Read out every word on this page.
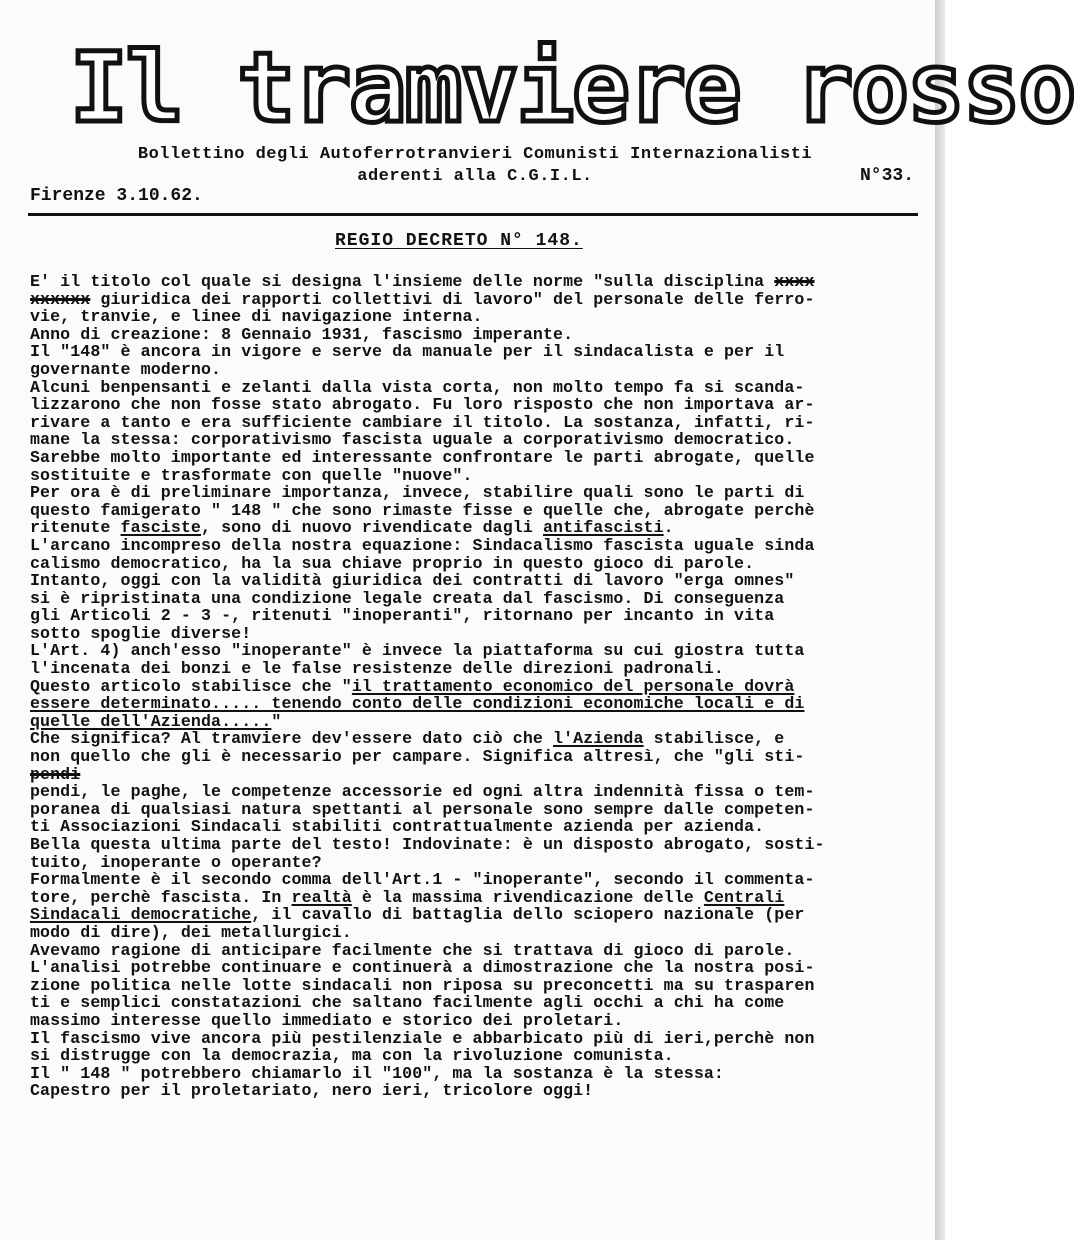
Il tramviere rosso
Bollettino degli Autoferrotranvieri Comunisti Internazionalisti
aderenti alla C.G.I.L.
Firenze 3.10.62.
N°33.
REGIO DECRETO N° 148.
E' il titolo col quale si designa l'insieme delle norme "sulla disciplina xxxx
xxxxxx giuridica dei rapporti collettivi di lavoro" del personale delle ferro-
vie, tranvie, e linee di navigazione interna.
Anno di creazione: 8 Gennaio 1931, fascismo imperante.
Il "148" è ancora in vigore e serve da manuale per il sindacalista e per il
governante moderno.
Alcuni benpensanti e zelanti dalla vista corta, non molto tempo fa si scanda-
lizzarono che non fosse stato abrogato. Fu loro risposto che non importava ar-
rivare a tanto e era sufficiente cambiare il titolo. La sostanza, infatti, ri-
mane la stessa: corporativismo fascista uguale a corporativismo democratico.
Sarebbe molto importante ed interessante confrontare le parti abrogate, quelle
sostituite e trasformate con quelle "nuove".
Per ora è di preliminare importanza, invece, stabilire quali sono le parti di
questo famigerato " 148 " che sono rimaste fisse e quelle che, abrogate perchè
ritenute fasciste, sono di nuovo rivendicate dagli antifascisti.
L'arcano incompreso della nostra equazione: Sindacalismo fascista uguale sinda
calismo democratico, ha la sua chiave proprio in questo gioco di parole.
Intanto, oggi con la validità giuridica dei contratti di lavoro "erga omnes"
si è ripristinata una condizione legale creata dal fascismo. Di conseguenza
gli Articoli 2 - 3 -, ritenuti "inoperanti", ritornano per incanto in vita
sotto spoglie diverse!
L'Art. 4) anch'esso "inoperante" è invece la piattaforma su cui giostra tutta
l'incenata dei bonzi e le false resistenze delle direzioni padronali.
Questo articolo stabilisce che "il trattamento economico del personale dovrà
essere determinato..... tenendo conto delle condizioni economiche locali e di
quelle dell'Azienda....."
Che significa? Al tramviere dev'essere dato ciò che l'Azienda stabilisce, e
non quello che gli è necessario per campare. Significa altresì, che "gli sti-
pendi
pendi, le paghe, le competenze accessorie ed ogni altra indennità fissa o tem-
poranea di qualsiasi natura spettanti al personale sono sempre dalle competen-
ti Associazioni Sindacali stabiliti contrattualmente azienda per azienda.
Bella questa ultima parte del testo! Indovinate: è un disposto abrogato, sosti-
tuito, inoperante o operante?
Formalmente è il secondo comma dell'Art.1 - "inoperante", secondo il commenta-
tore, perchè fascista. In realtà è la massima rivendicazione delle Centrali
Sindacali democratiche, il cavallo di battaglia dello sciopero nazionale (per
modo di dire), dei metallurgici.
Avevamo ragione di anticipare facilmente che si trattava di gioco di parole.
L'analisi potrebbe continuare e continuerà a dimostrazione che la nostra posi-
zione politica nelle lotte sindacali non riposa su preconcetti ma su trasparen
ti e semplici constatazioni che saltano facilmente agli occhi a chi ha come
massimo interesse quello immediato e storico dei proletari.
Il fascismo vive ancora più pestilenziale e abbarbicato più di ieri,perchè non
si distrugge con la democrazia, ma con la rivoluzione comunista.
Il " 148 " potrebbero chiamarlo il "100", ma la sostanza è la stessa:
Capestro per il proletariato, nero ieri, tricolore oggi!
